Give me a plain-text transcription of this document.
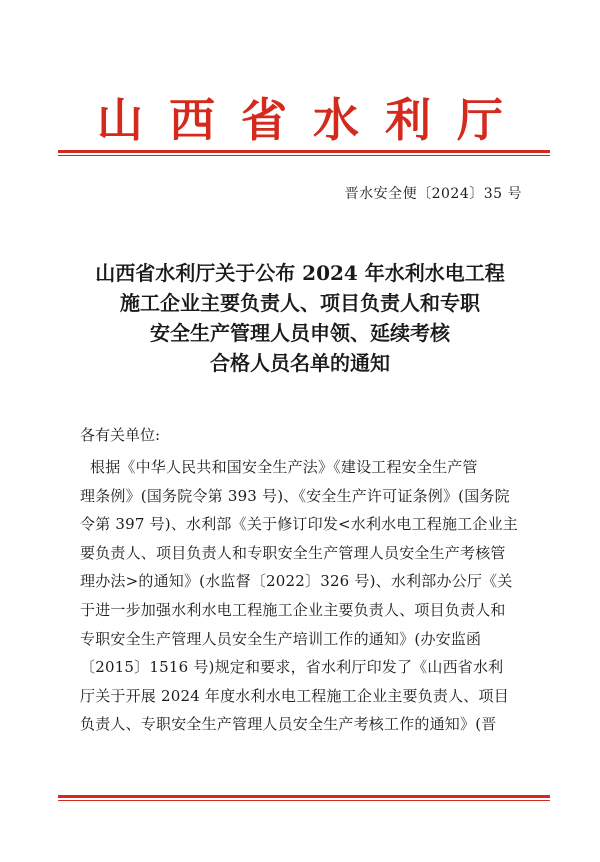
山西省水利厅
晋水安全便〔2024〕35 号
山西省水利厅关于公布 2024 年水利水电工程
施工企业主要负责人、项目负责人和专职
安全生产管理人员申领、延续考核
合格人员名单的通知
各有关单位:
根据《中华人民共和国安全生产法》《建设工程安全生产管
理条例》(国务院令第 393 号)、《安全生产许可证条例》(国务院
令第 397 号)、水利部《关于修订印发<水利水电工程施工企业主
要负责人、项目负责人和专职安全生产管理人员安全生产考核管
理办法>的通知》(水监督〔2022〕326 号)、水利部办公厅《关
于进一步加强水利水电工程施工企业主要负责人、项目负责人和
专职安全生产管理人员安全生产培训工作的通知》(办安监函
〔2015〕1516 号)规定和要求，省水利厅印发了《山西省水利
厅关于开展 2024 年度水利水电工程施工企业主要负责人、项目
负责人、专职安全生产管理人员安全生产考核工作的通知》(晋
